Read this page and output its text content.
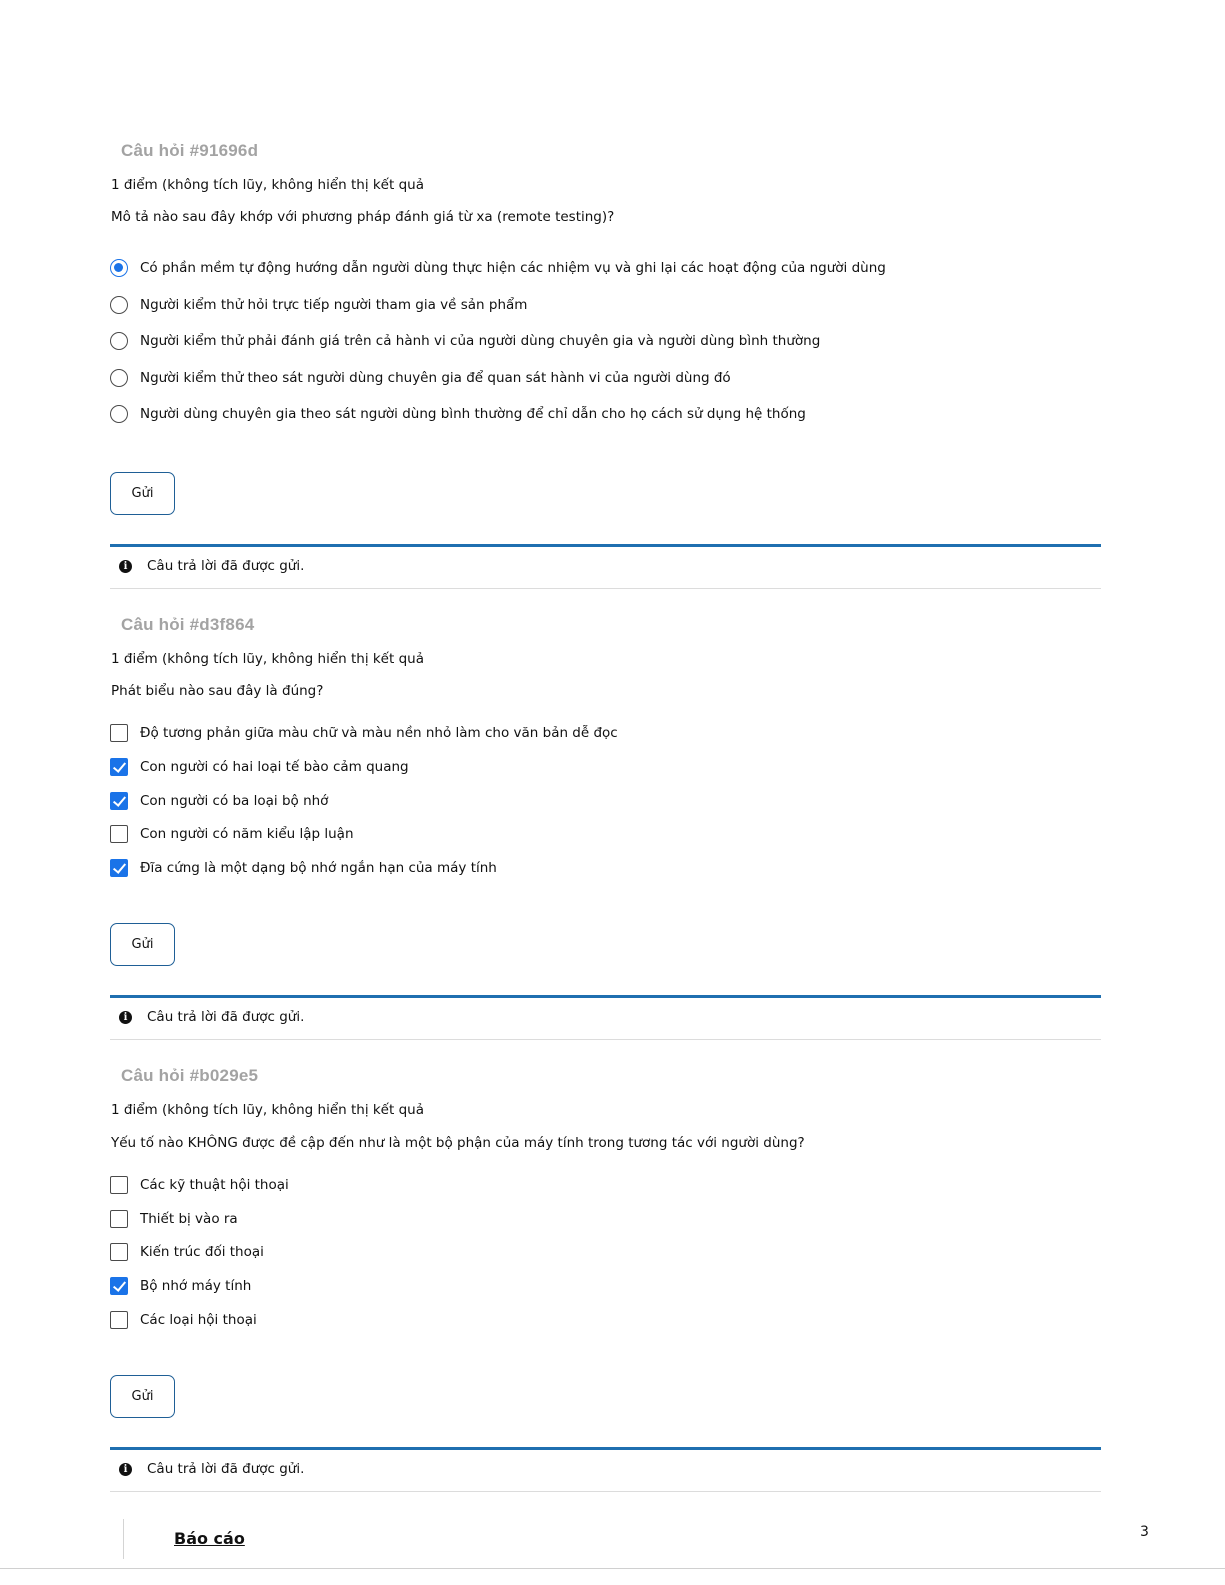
Câu hỏi #91696d
1 điểm (không tích lũy, không hiển thị kết quả
Mô tả nào sau đây khớp với phương pháp đánh giá từ xa (remote testing)?
Có phần mềm tự động hướng dẫn người dùng thực hiện các nhiệm vụ và ghi lại các hoạt động của người dùng
Người kiểm thử hỏi trực tiếp người tham gia về sản phẩm
Người kiểm thử phải đánh giá trên cả hành vi của người dùng chuyên gia và người dùng bình thường
Người kiểm thử theo sát người dùng chuyên gia để quan sát hành vi của người dùng đó
Người dùng chuyên gia theo sát người dùng bình thường để chỉ dẫn cho họ cách sử dụng hệ thống
Gửi
i	Câu trả lời đã được gửi.
Câu hỏi #d3f864
1 điểm (không tích lũy, không hiển thị kết quả
Phát biểu nào sau đây là đúng?
Độ tương phản giữa màu chữ và màu nền nhỏ làm cho văn bản dễ đọc
Con người có hai loại tế bào cảm quang
Con người có ba loại bộ nhớ
Con người có năm kiểu lập luận
Đĩa cứng là một dạng bộ nhớ ngắn hạn của máy tính
Gửi
i	Câu trả lời đã được gửi.
Câu hỏi #b029e5
1 điểm (không tích lũy, không hiển thị kết quả
Yếu tố nào KHÔNG được đề cập đến như là một bộ phận của máy tính trong tương tác với người dùng?
Các kỹ thuật hội thoại
Thiết bị vào ra
Kiến trúc đối thoại
Bộ nhớ máy tính
Các loại hội thoại
Gửi
i	Câu trả lời đã được gửi.
Báo cáo	3
